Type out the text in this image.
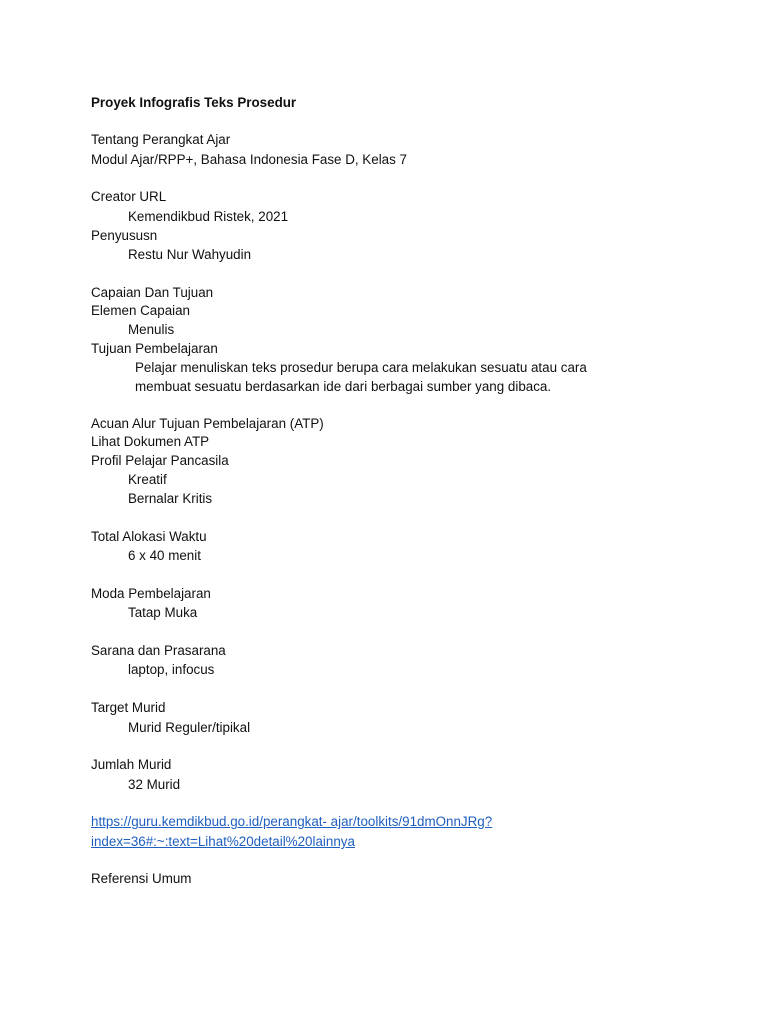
Proyek Infografis Teks Prosedur
Tentang Perangkat Ajar
Modul Ajar/RPP+, Bahasa Indonesia Fase D, Kelas 7
Creator URL
Kemendikbud Ristek, 2021
Penyususn
Restu Nur Wahyudin
Capaian Dan Tujuan
Elemen Capaian
Menulis
Tujuan Pembelajaran
Pelajar menuliskan teks prosedur berupa cara melakukan sesuatu atau cara
membuat sesuatu berdasarkan ide dari berbagai sumber yang dibaca.
Acuan Alur Tujuan Pembelajaran (ATP)
Lihat Dokumen ATP
Profil Pelajar Pancasila
Kreatif
Bernalar Kritis
Total Alokasi Waktu
6 x 40 menit
Moda Pembelajaran
Tatap Muka
Sarana dan Prasarana
laptop, infocus
Target Murid
Murid Reguler/tipikal
Jumlah Murid
32 Murid
https://guru.kemdikbud.go.id/perangkat- ajar/toolkits/91dmOnnJRg?
index=36#:~:text=Lihat%20detail%20lainnya
Referensi Umum
